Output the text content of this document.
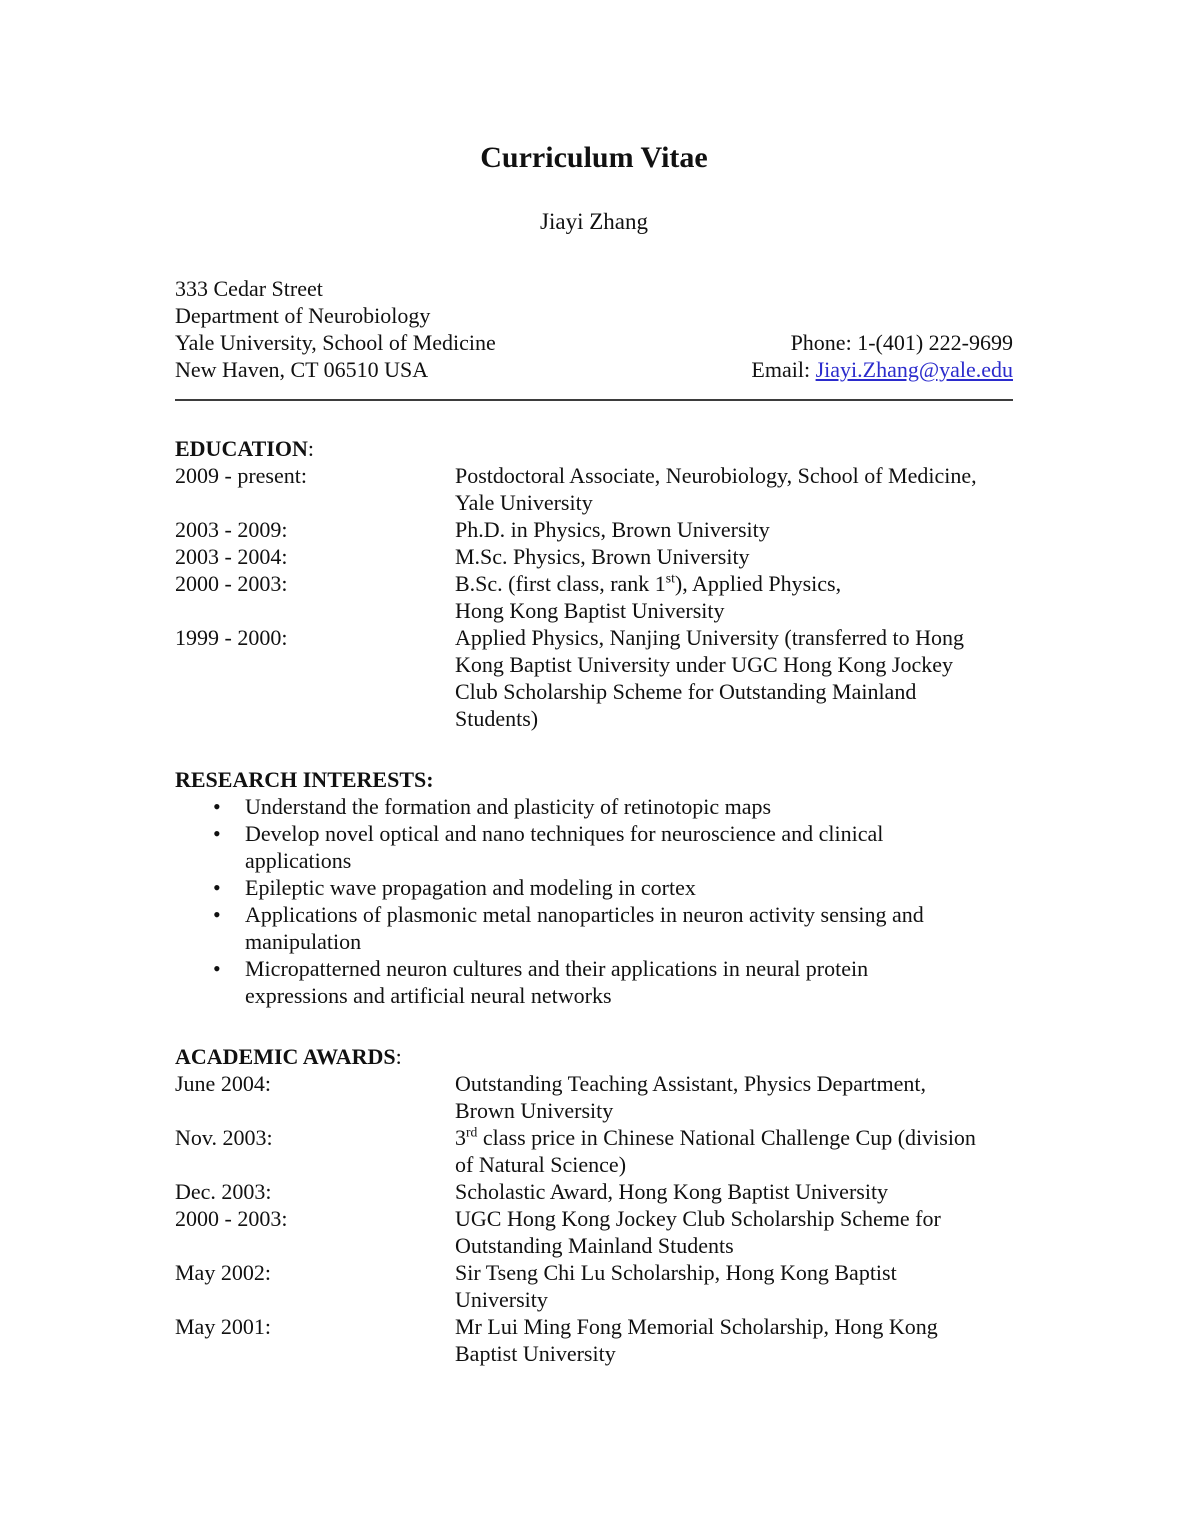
Curriculum Vitae
Jiayi Zhang
333 Cedar Street
Department of Neurobiology
Yale University, School of Medicine
New Haven, CT 06510 USA
Phone: 1-(401) 222-9699
Email: Jiayi.Zhang@yale.edu
EDUCATION:
2009 - present:	Postdoctoral Associate, Neurobiology, School of Medicine,
Yale University
2003 - 2009:	Ph.D. in Physics, Brown University
2003 - 2004:	M.Sc. Physics, Brown University
2000 - 2003:	B.Sc. (first class, rank 1st), Applied Physics,
Hong Kong Baptist University
1999 - 2000:	Applied Physics, Nanjing University (transferred to Hong
Kong Baptist University under UGC Hong Kong Jockey
Club Scholarship Scheme for Outstanding Mainland
Students)
RESEARCH INTERESTS:
• Understand the formation and plasticity of retinotopic maps
• Develop novel optical and nano techniques for neuroscience and clinical applications
• Epileptic wave propagation and modeling in cortex
• Applications of plasmonic metal nanoparticles in neuron activity sensing and manipulation
• Micropatterned neuron cultures and their applications in neural protein expressions and artificial neural networks
ACADEMIC AWARDS:
June 2004:	Outstanding Teaching Assistant, Physics Department,
Brown University
Nov. 2003:	3rd class price in Chinese National Challenge Cup (division
of Natural Science)
Dec. 2003:	Scholastic Award, Hong Kong Baptist University
2000 - 2003:	UGC Hong Kong Jockey Club Scholarship Scheme for
Outstanding Mainland Students
May 2002:	Sir Tseng Chi Lu Scholarship, Hong Kong Baptist
University
May 2001:	Mr Lui Ming Fong Memorial Scholarship, Hong Kong
Baptist University
